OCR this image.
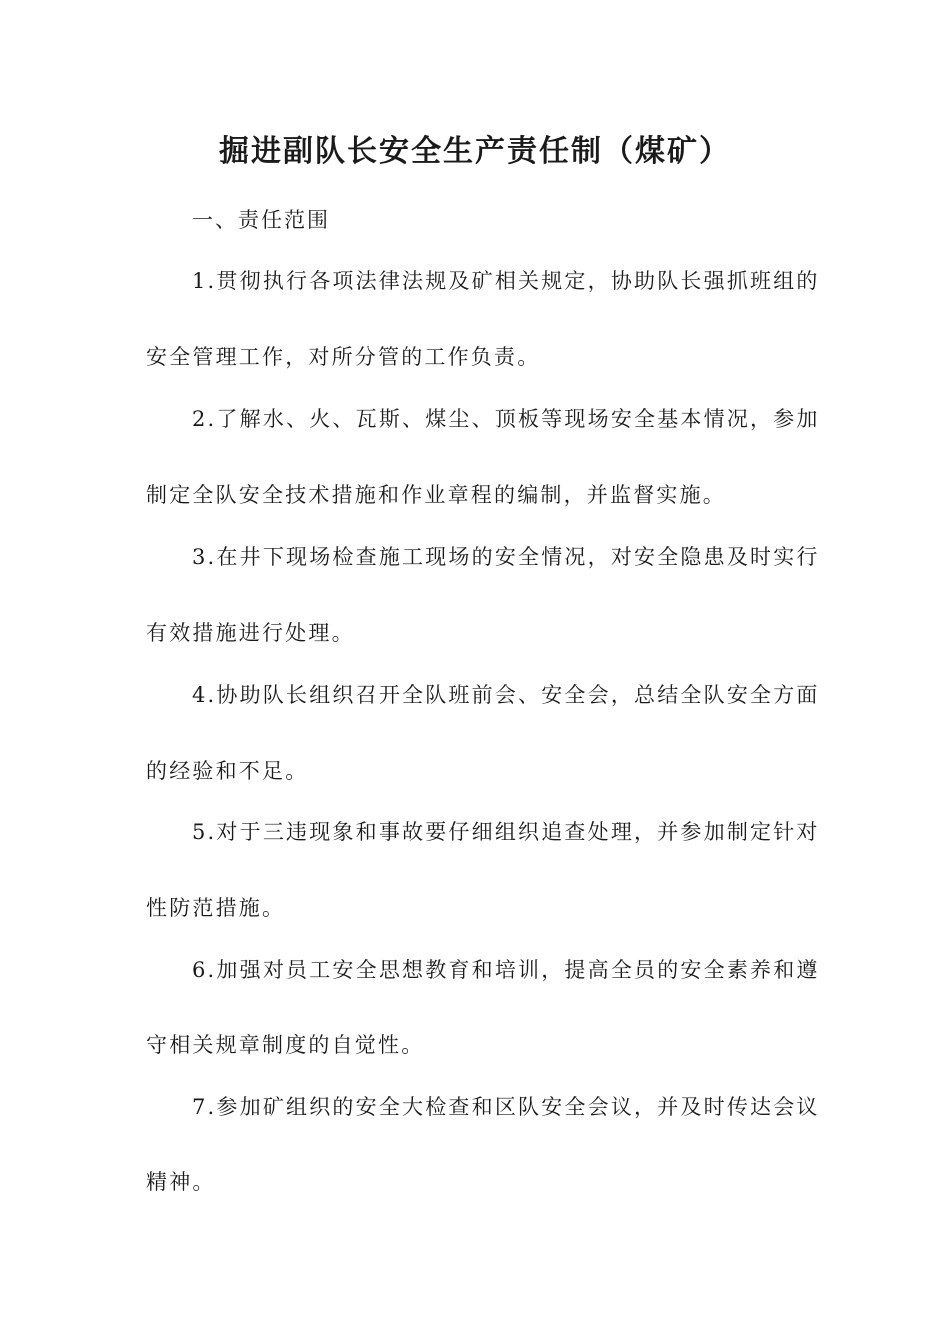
掘进副队长安全生产责任制（煤矿）
一、责任范围
1.贯彻执行各项法律法规及矿相关规定，协助队长强抓班组的
安全管理工作，对所分管的工作负责。
2.了解水、火、瓦斯、煤尘、顶板等现场安全基本情况，参加
制定全队安全技术措施和作业章程的编制，并监督实施。
3.在井下现场检查施工现场的安全情况，对安全隐患及时实行
有效措施进行处理。
4.协助队长组织召开全队班前会、安全会，总结全队安全方面
的经验和不足。
5.对于三违现象和事故要仔细组织追查处理，并参加制定针对
性防范措施。
6.加强对员工安全思想教育和培训，提高全员的安全素养和遵
守相关规章制度的自觉性。
7.参加矿组织的安全大检查和区队安全会议，并及时传达会议
精神。
